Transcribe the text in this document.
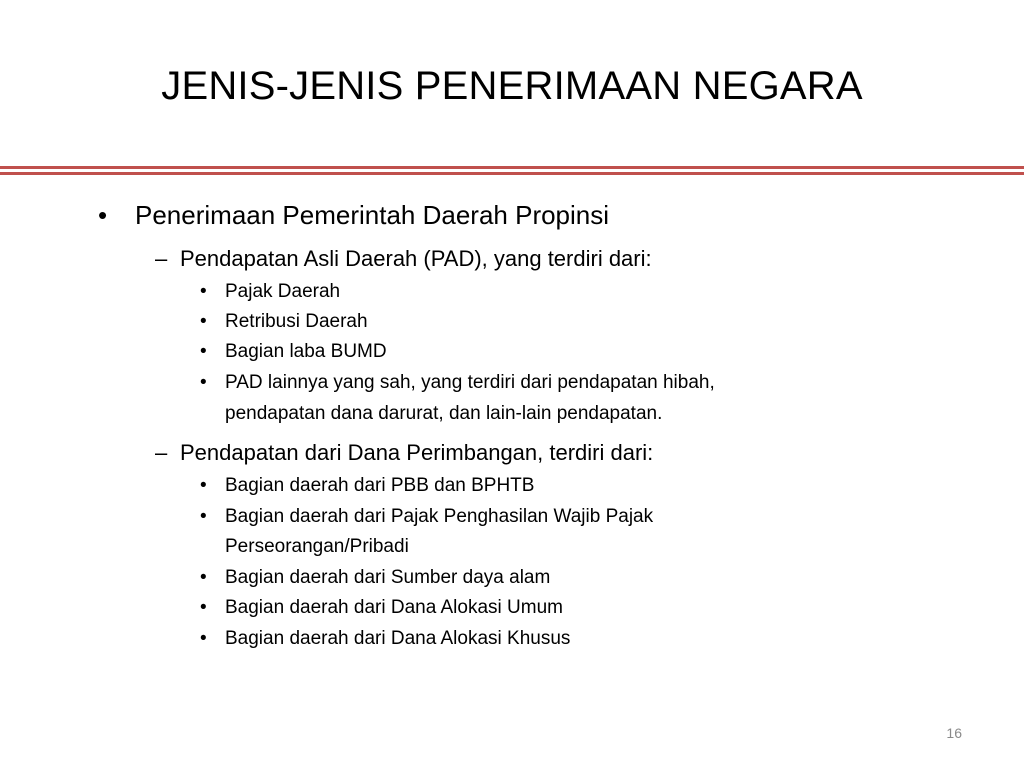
JENIS-JENIS PENERIMAAN NEGARA
• Penerimaan Pemerintah Daerah Propinsi
– Pendapatan Asli Daerah (PAD), yang terdiri dari:
• Pajak Daerah
• Retribusi Daerah
• Bagian laba BUMD
• PAD lainnya yang sah, yang terdiri dari pendapatan hibah,
pendapatan dana darurat, dan lain-lain pendapatan.
– Pendapatan dari Dana Perimbangan, terdiri dari:
• Bagian daerah dari PBB dan BPHTB
• Bagian daerah dari Pajak Penghasilan Wajib Pajak
Perseorangan/Pribadi
• Bagian daerah dari Sumber daya alam
• Bagian daerah dari Dana Alokasi Umum
• Bagian daerah dari Dana Alokasi Khusus
16
